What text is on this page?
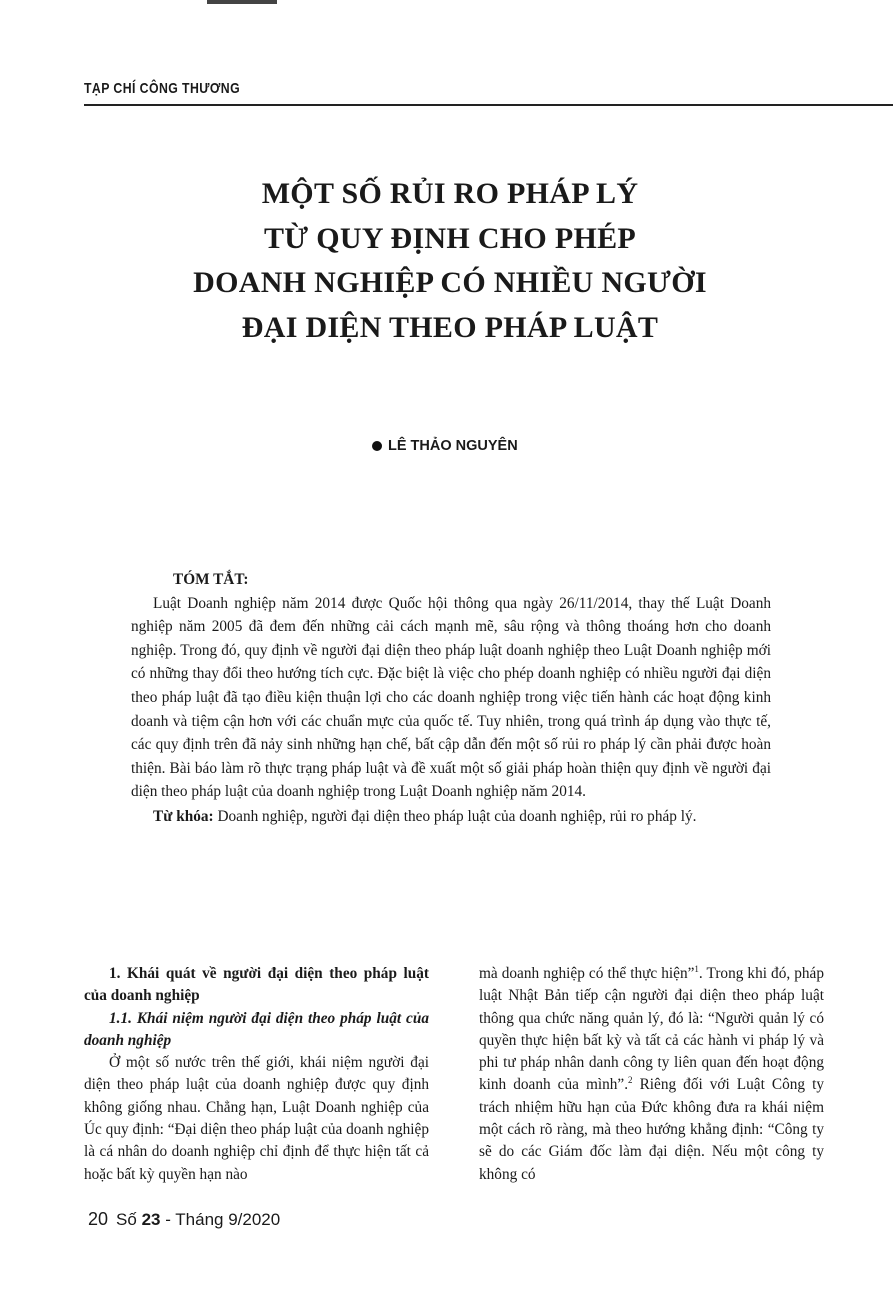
TẠP CHÍ CÔNG THƯƠNG
MỘT SỐ RỦI RO PHÁP LÝ
TỪ QUY ĐỊNH CHO PHÉP
DOANH NGHIỆP CÓ NHIỀU NGƯỜI
ĐẠI DIỆN THEO PHÁP LUẬT
LÊ THẢO NGUYÊN

TÓM TẮT:

Luật Doanh nghiệp năm 2014 được Quốc hội thông qua ngày 26/11/2014, thay thế Luật Doanh nghiệp năm 2005 đã đem đến những cải cách mạnh mẽ, sâu rộng và thông thoáng hơn cho doanh nghiệp. Trong đó, quy định về người đại diện theo pháp luật doanh nghiệp theo Luật Doanh nghiệp mới có những thay đổi theo hướng tích cực. Đặc biệt là việc cho phép doanh nghiệp có nhiều người đại diện theo pháp luật đã tạo điều kiện thuận lợi cho các doanh nghiệp trong việc tiến hành các hoạt động kinh doanh và tiệm cận hơn với các chuẩn mực của quốc tế. Tuy nhiên, trong quá trình áp dụng vào thực tế, các quy định trên đã nảy sinh những hạn chế, bất cập dẫn đến một số rủi ro pháp lý cần phải được hoàn thiện. Bài báo làm rõ thực trạng pháp luật và đề xuất một số giải pháp hoàn thiện quy định về người đại diện theo pháp luật của doanh nghiệp trong Luật Doanh nghiệp năm 2014.

Từ khóa: Doanh nghiệp, người đại diện theo pháp luật của doanh nghiệp, rủi ro pháp lý.

1. Khái quát về người đại diện theo pháp luật của doanh nghiệp

1.1. Khái niệm người đại diện theo pháp luật của doanh nghiệp

Ở một số nước trên thế giới, khái niệm người đại diện theo pháp luật của doanh nghiệp được quy định không giống nhau. Chẳng hạn, Luật Doanh nghiệp của Úc quy định: “Đại diện theo pháp luật của doanh nghiệp là cá nhân do doanh nghiệp chỉ định để thực hiện tất cả hoặc bất kỳ quyền hạn nào

mà doanh nghiệp có thể thực hiện”$^1$. Trong khi đó, pháp luật Nhật Bản tiếp cận người đại diện theo pháp luật thông qua chức năng quản lý, đó là: “Người quản lý có quyền thực hiện bất kỳ và tất cả các hành vi pháp lý và phi tư pháp nhân danh công ty liên quan đến hoạt động kinh doanh của mình”.$^2$ Riêng đối với Luật Công ty trách nhiệm hữu hạn của Đức không đưa ra khái niệm một cách rõ ràng, mà theo hướng khẳng định: “Công ty sẽ do các Giám đốc làm đại diện. Nếu một công ty không có

20 Số 23 - Tháng 9/2020
